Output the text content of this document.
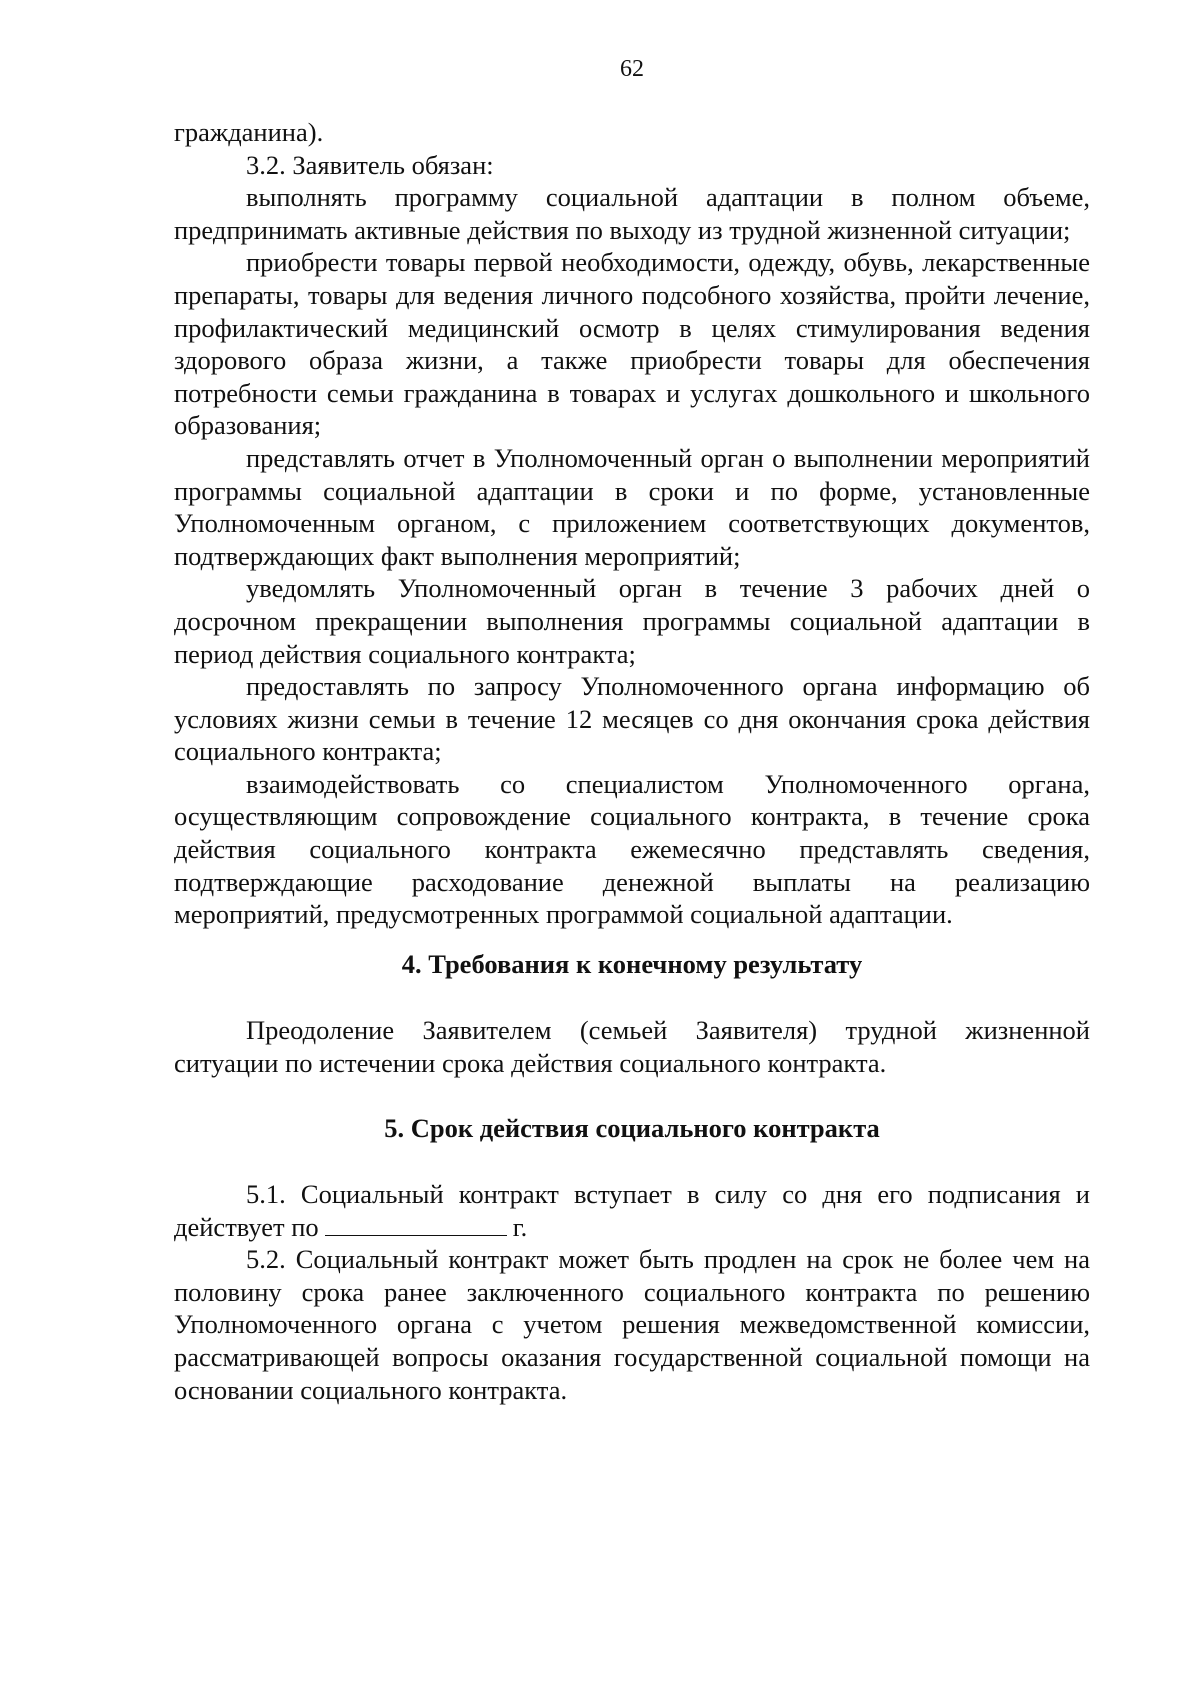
62

гражданина).

3.2. Заявитель обязан:

выполнять программу социальной адаптации в полном объеме, предпринимать активные действия по выходу из трудной жизненной ситуации;

приобрести товары первой необходимости, одежду, обувь, лекарственные препараты, товары для ведения личного подсобного хозяйства, пройти лечение, профилактический медицинский осмотр в целях стимулирования ведения здорового образа жизни, а также приобрести товары для обеспечения потребности семьи гражданина в товарах и услугах дошкольного и школьного образования;

представлять отчет в Уполномоченный орган о выполнении мероприятий программы социальной адаптации в сроки и по форме, установленные Уполномоченным органом, с приложением соответствующих документов, подтверждающих факт выполнения мероприятий;

уведомлять Уполномоченный орган в течение 3 рабочих дней о досрочном прекращении выполнения программы социальной адаптации в период действия социального контракта;

предоставлять по запросу Уполномоченного органа информацию об условиях жизни семьи в течение 12 месяцев со дня окончания срока действия социального контракта;

взаимодействовать со специалистом Уполномоченного органа, осуществляющим сопровождение социального контракта, в течение срока действия социального контракта ежемесячно представлять сведения, подтверждающие расходование денежной выплаты на реализацию мероприятий, предусмотренных программой социальной адаптации.

4. Требования к конечному результату

Преодоление Заявителем (семьей Заявителя) трудной жизненной ситуации по истечении срока действия социального контракта.

5. Срок действия социального контракта

5.1. Социальный контракт вступает в силу со дня его подписания и действует по	г.

5.2. Социальный контракт может быть продлен на срок не более чем на половину срока ранее заключенного социального контракта по решению Уполномоченного органа с учетом решения межведомственной комиссии, рассматривающей вопросы оказания государственной социальной помощи на основании социального контракта.
